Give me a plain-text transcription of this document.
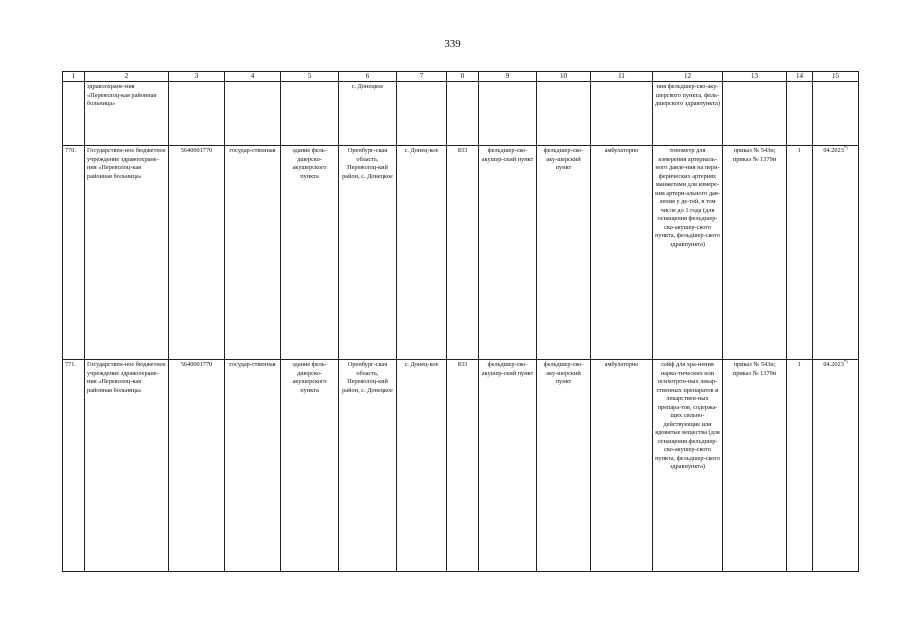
339
1	2	3	4	5	6	7	8	9	10	11	12	13	14	15
	здравоохране-ния «Переволоц-кая районная больница»				с. Донецкое						ния фельдшер-ско-аку-шерского пункта, фель-дшерского здравпункта)			
770.	Государствен-ное бюджетное учреждение здравоохране-ния «Переволоц-кая районная больница»	5640001770	государ-ственная	здание фель-дшерско-акушерского пункта	Оренбург-ская область, Переволоц-кий район, с. Донецкое	с. Донец-кое	833	фельдшер-ско-акушер-ский пункт	фельдшер-ско-аку-шерский пункт	амбулаторно	тонометр для измерения артериаль-ного давле-ния на пери-ферических артериях манжетами для измере-ния артери-ального дав-ления у де-тей, в том числе до 1 года (для оснащения фельдшер-ско-акушер-ского пункта, фельдшер-ского здравпункта)	приказ № 543н; приказ № 1379н	1	04.2023*)
771.	Государствен-ное бюджетное учреждение здравоохране-ния «Переволоц-кая районная больница»	5640001770	государ-ственная	здание фель-дшерско-акушерского пункта	Оренбург-ская область, Переволоц-кий район, с. Донецкое	с. Донец-кое	833	фельдшер-ско-акушер-ский пункт	фельдшер-ско-аку-шерский пункт	амбулаторно	сейф для хра-нения нарко-тических или психотроп-ных лекар-ственных препаратов и лекарствен-ных препара-тов, содержа-щих сильно-действующие или ядовитые вещества (для оснащения фельдшер-ско-акушер-ского пункта, фельдшер-ского здравпункта)	приказ № 543н; приказ № 1379н	1	04.2023*)
